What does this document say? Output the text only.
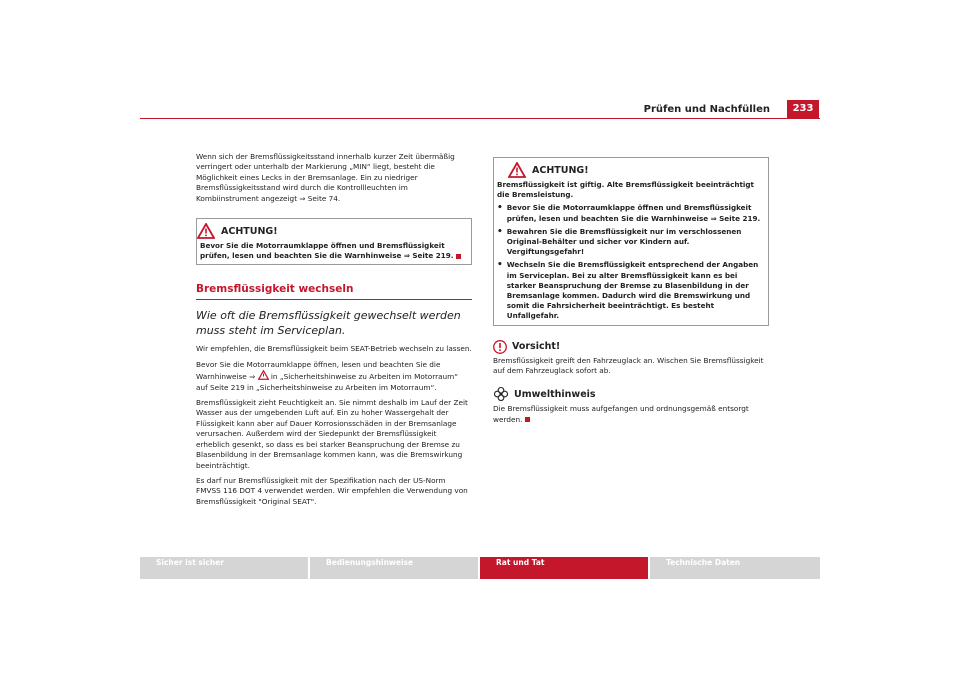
Prüfen und Nachfüllen	233

Wenn sich der Bremsflüssigkeitsstand innerhalb kurzer Zeit übermäßig verringert oder unterhalb der Markierung „MIN“ liegt, besteht die Möglichkeit eines Lecks in der Bremsanlage. Ein zu niedriger Bremsflüssigkeitsstand wird durch die Kontrollleuchten im Kombiinstrument angezeigt ⇒ Seite 74.

ACHTUNG!
Bevor Sie die Motorraumklappe öffnen und Bremsflüssigkeit prüfen, lesen und beachten Sie die Warnhinweise ⇒ Seite 219.
Bremsflüssigkeit wechseln

Wie oft die Bremsflüssigkeit gewechselt werden muss steht im Serviceplan.

Wir empfehlen, die Bremsflüssigkeit beim SEAT-Betrieb wechseln zu lassen.

Bevor Sie die Motorraumklappe öffnen, lesen und beachten Sie die Warnhinweise ⇒ in „Sicherheitshinweise zu Arbeiten im Motorraum“ auf Seite 219 in „Sicherheitshinweise zu Arbeiten im Motorraum“.

Bremsflüssigkeit zieht Feuchtigkeit an. Sie nimmt deshalb im Lauf der Zeit Wasser aus der umgebenden Luft auf. Ein zu hoher Wassergehalt der Flüssigkeit kann aber auf Dauer Korrosionsschäden in der Bremsanlage verursachen. Außerdem wird der Siedepunkt der Bremsflüssigkeit erheblich gesenkt, so dass es bei starker Beanspruchung der Bremse zu Blasenbildung in der Bremsanlage kommen kann, was die Bremswirkung beeinträchtigt.

Es darf nur Bremsflüssigkeit mit der Spezifikation nach der US-Norm FMVSS 116 DOT 4 verwendet werden. Wir empfehlen die Verwendung von Bremsflüssigkeit "Original SEAT".

ACHTUNG!
Bremsflüssigkeit ist giftig. Alte Bremsflüssigkeit beeinträchtigt die Bremsleistung.
• Bevor Sie die Motorraumklappe öffnen und Bremsflüssigkeit prüfen, lesen und beachten Sie die Warnhinweise ⇒ Seite 219.
• Bewahren Sie die Bremsflüssigkeit nur im verschlossenen Original-Behälter und sicher vor Kindern auf. Vergiftungsgefahr!
• Wechseln Sie die Bremsflüssigkeit entsprechend der Angaben im Serviceplan. Bei zu alter Bremsflüssigkeit kann es bei starker Beanspruchung der Bremse zu Blasenbildung in der Bremsanlage kommen. Dadurch wird die Bremswirkung und somit die Fahrsicherheit beeinträchtigt. Es besteht Unfallgefahr.
Vorsicht!

Bremsflüssigkeit greift den Fahrzeuglack an. Wischen Sie Bremsflüssigkeit auf dem Fahrzeuglack sofort ab.

Umwelthinweis

Die Bremsflüssigkeit muss aufgefangen und ordnungsgemäß entsorgt werden.

Sicher ist sicher	Bedienungshinweise	Rat und Tat	Technische Daten
